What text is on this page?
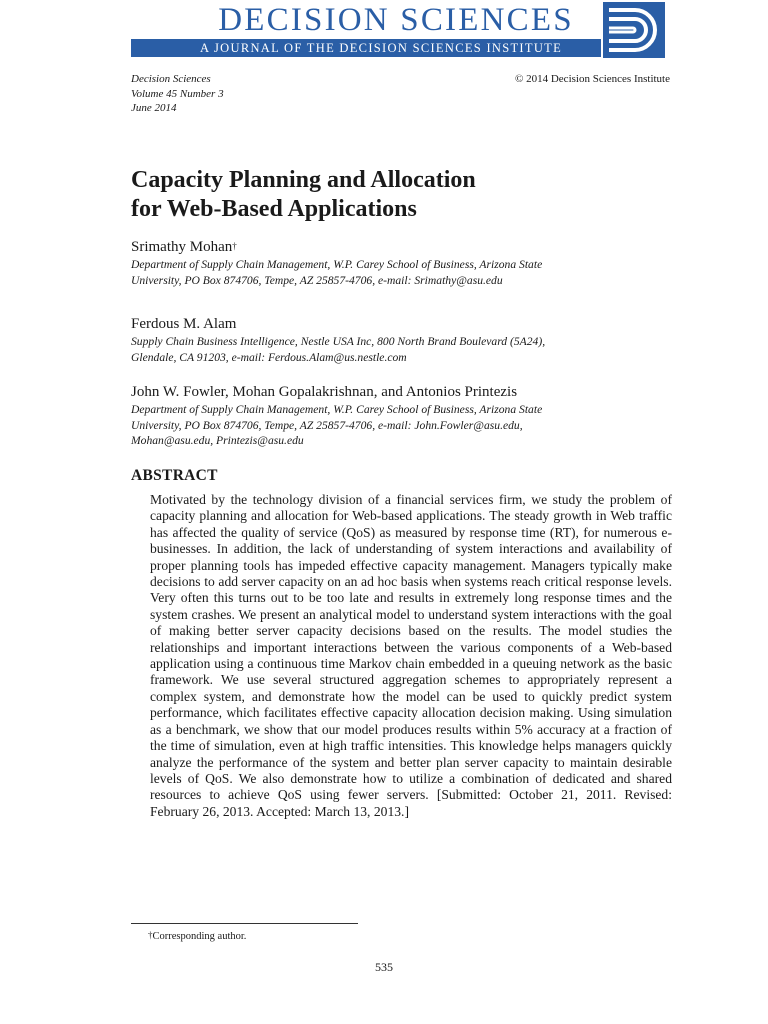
DECISION SCIENCES
A JOURNAL OF THE DECISION SCIENCES INSTITUTE
Decision Sciences
Volume 45 Number 3
June 2014
© 2014 Decision Sciences Institute
Capacity Planning and Allocation
for Web-Based Applications
Srimathy Mohan†
Department of Supply Chain Management, W.P. Carey School of Business, Arizona State
University, PO Box 874706, Tempe, AZ 25857-4706, e-mail: Srimathy@asu.edu
Ferdous M. Alam
Supply Chain Business Intelligence, Nestle USA Inc, 800 North Brand Boulevard (5A24),
Glendale, CA 91203, e-mail: Ferdous.Alam@us.nestle.com
John W. Fowler, Mohan Gopalakrishnan, and Antonios Printezis
Department of Supply Chain Management, W.P. Carey School of Business, Arizona State
University, PO Box 874706, Tempe, AZ 25857-4706, e-mail: John.Fowler@asu.edu,
Mohan@asu.edu, Printezis@asu.edu
ABSTRACT

Motivated by the technology division of a financial services firm, we study the problem of capacity planning and allocation for Web-based applications. The steady growth in Web traffic has affected the quality of service (QoS) as measured by response time (RT), for numerous e-businesses. In addition, the lack of understanding of system interactions and availability of proper planning tools has impeded effective capacity management. Managers typically make decisions to add server capacity on an ad hoc basis when systems reach critical response levels. Very often this turns out to be too late and results in extremely long response times and the system crashes. We present an analytical model to understand system interactions with the goal of making better server capacity decisions based on the results. The model studies the relationships and important interactions between the various components of a Web-based application using a continuous time Markov chain embedded in a queuing network as the basic framework. We use several structured aggregation schemes to appropriately represent a complex system, and demonstrate how the model can be used to quickly predict system performance, which facilitates effective capacity allocation decision making. Using simulation as a benchmark, we show that our model produces results within 5% accuracy at a fraction of the time of simulation, even at high traffic intensities. This knowledge helps managers quickly analyze the performance of the system and better plan server capacity to maintain desirable levels of QoS. We also demonstrate how to utilize a combination of dedicated and shared resources to achieve QoS using fewer servers. [Submitted: October 21, 2011. Revised: February 26, 2013. Accepted: March 13, 2013.]

†Corresponding author.
535
